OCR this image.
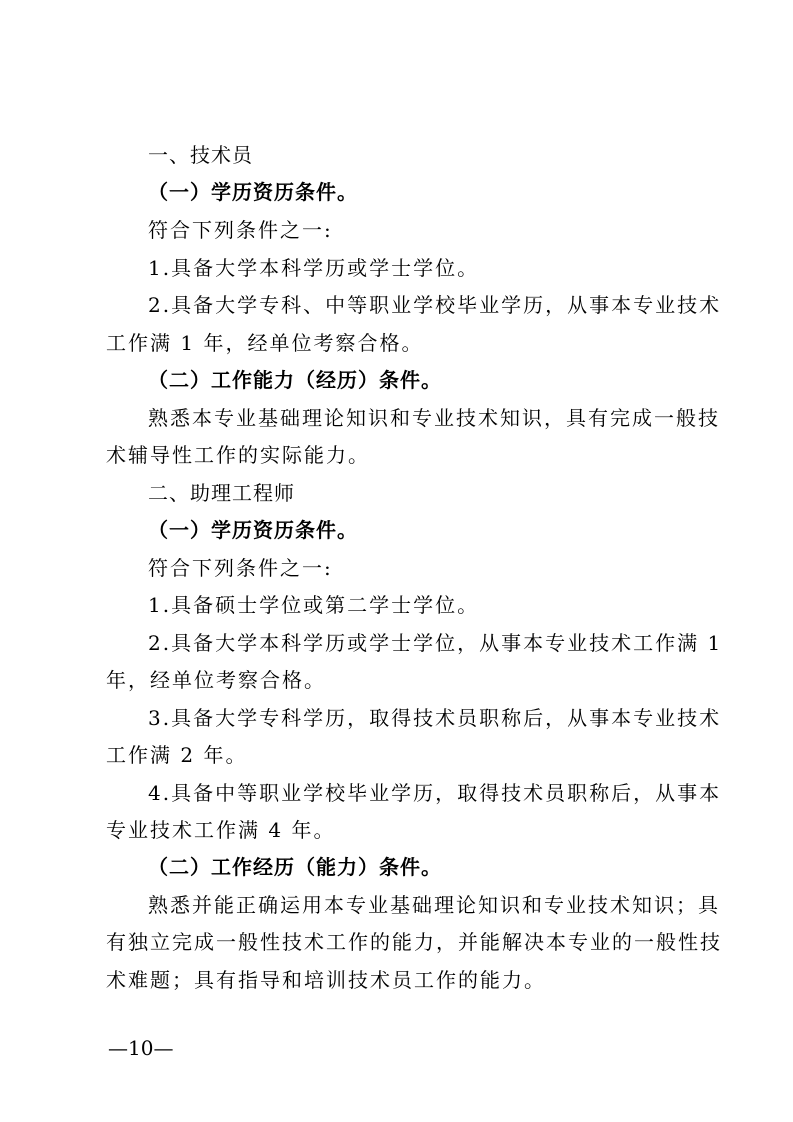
一、技术员
（一）学历资历条件。
符合下列条件之一:
1.具备大学本科学历或学士学位。
2.具备大学专科、中等职业学校毕业学历，从事本专业技术
工作满 1 年，经单位考察合格。
（二）工作能力（经历）条件。
熟悉本专业基础理论知识和专业技术知识，具有完成一般技
术辅导性工作的实际能力。
二、助理工程师
（一）学历资历条件。
符合下列条件之一:
1.具备硕士学位或第二学士学位。
2.具备大学本科学历或学士学位，从事本专业技术工作满 1
年，经单位考察合格。
3.具备大学专科学历，取得技术员职称后，从事本专业技术
工作满 2 年。
4.具备中等职业学校毕业学历，取得技术员职称后，从事本
专业技术工作满 4 年。
（二）工作经历（能力）条件。
熟悉并能正确运用本专业基础理论知识和专业技术知识；具
有独立完成一般性技术工作的能力，并能解决本专业的一般性技
术难题；具有指导和培训技术员工作的能力。
—10—
